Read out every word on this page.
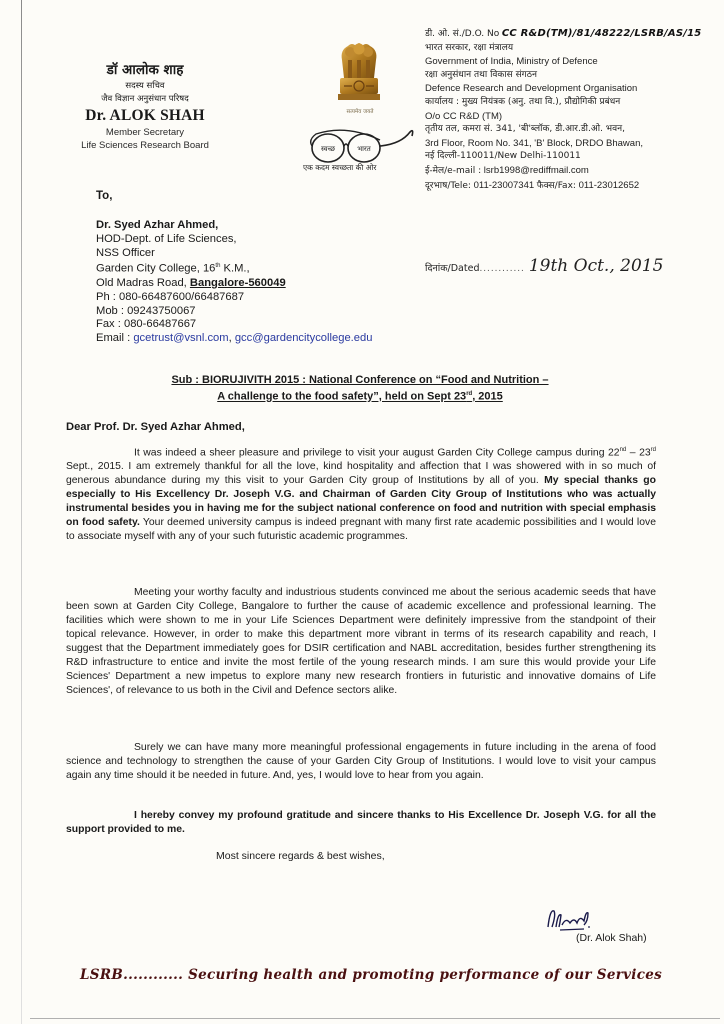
डॉ आलोक शाह
सदस्य सचिव
जैव विज्ञान अनुसंधान परिषद
Dr. ALOK SHAH
Member Secretary
Life Sciences Research Board
सत्यमेव जयते
स्वच्छ	भारत
एक कदम स्वच्छता की ओर
डी. ओ. सं./D.O. No CC R&D(TM)/81/48222/LSRB/AS/15
भारत सरकार, रक्षा मंत्रालय
Government of India, Ministry of Defence
रक्षा अनुसंधान तथा विकास संगठन
Defence Research and Development Organisation
कार्यालय : मुख्य नियंत्रक (अनु. तथा वि.), प्रौद्योगिकी प्रबंधन
O/o CC R&D (TM)
तृतीय तल, कमरा सं. 341, 'बी'ब्लॉक, डी.आर.डी.ओ. भवन,
3rd Floor, Room No. 341, 'B' Block, DRDO Bhawan,
नई दिल्ली-110011/New Delhi-110011
ई-मेल/e-mail : lsrb1998@rediffmail.com
दूरभाष/Tele: 011-23007341 फैक्स/Fax: 011-23012652
दिनांक/Dated............ 19th Oct., 2015
To,
Dr. Syed Azhar Ahmed,
HOD-Dept. of Life Sciences,
NSS Officer
Garden City College, 16th K.M.,
Old Madras Road, Bangalore-560049
Ph : 080-66487600/66487687
Mob : 09243750067
Fax : 080-66487667
Email : gcetrust@vsnl.com, gcc@gardencitycollege.edu
Sub : BIORUJIVITH 2015 : National Conference on “Food and Nutrition –
A challenge to the food safety”, held on Sept 23rd, 2015
Dear Prof. Dr. Syed Azhar Ahmed,
It was indeed a sheer pleasure and privilege to visit your august Garden City College campus during 22nd – 23rd Sept., 2015. I am extremely thankful for all the love, kind hospitality and affection that I was showered with in so much of generous abundance during my this visit to your Garden City group of Institutions by all of you. My special thanks go especially to His Excellency Dr. Joseph V.G. and Chairman of Garden City Group of Institutions who was actually instrumental besides you in having me for the subject national conference on food and nutrition with special emphasis on food safety. Your deemed university campus is indeed pregnant with many first rate academic possibilities and I would love to associate myself with any of your such futuristic academic programmes.
Meeting your worthy faculty and industrious students convinced me about the serious academic seeds that have been sown at Garden City College, Bangalore to further the cause of academic excellence and professional learning. The facilities which were shown to me in your Life Sciences Department were definitely impressive from the standpoint of their topical relevance. However, in order to make this department more vibrant in terms of its research capability and reach, I suggest that the Department immediately goes for DSIR certification and NABL accreditation, besides further strengthening its R&D infrastructure to entice and invite the most fertile of the young research minds. I am sure this would provide your Life Sciences' Department a new impetus to explore many new research frontiers in futuristic and innovative domains of Life Sciences', of relevance to us both in the Civil and Defence sectors alike.
Surely we can have many more meaningful professional engagements in future including in the arena of food science and technology to strengthen the cause of your Garden City Group of Institutions. I would love to visit your campus again any time should it be needed in future. And, yes, I would love to hear from you again.
I hereby convey my profound gratitude and sincere thanks to His Excellence Dr. Joseph V.G. for all the support provided to me.
Most sincere regards & best wishes,
(Dr. Alok Shah)
LSRB............ Securing health and promoting performance of our Services
